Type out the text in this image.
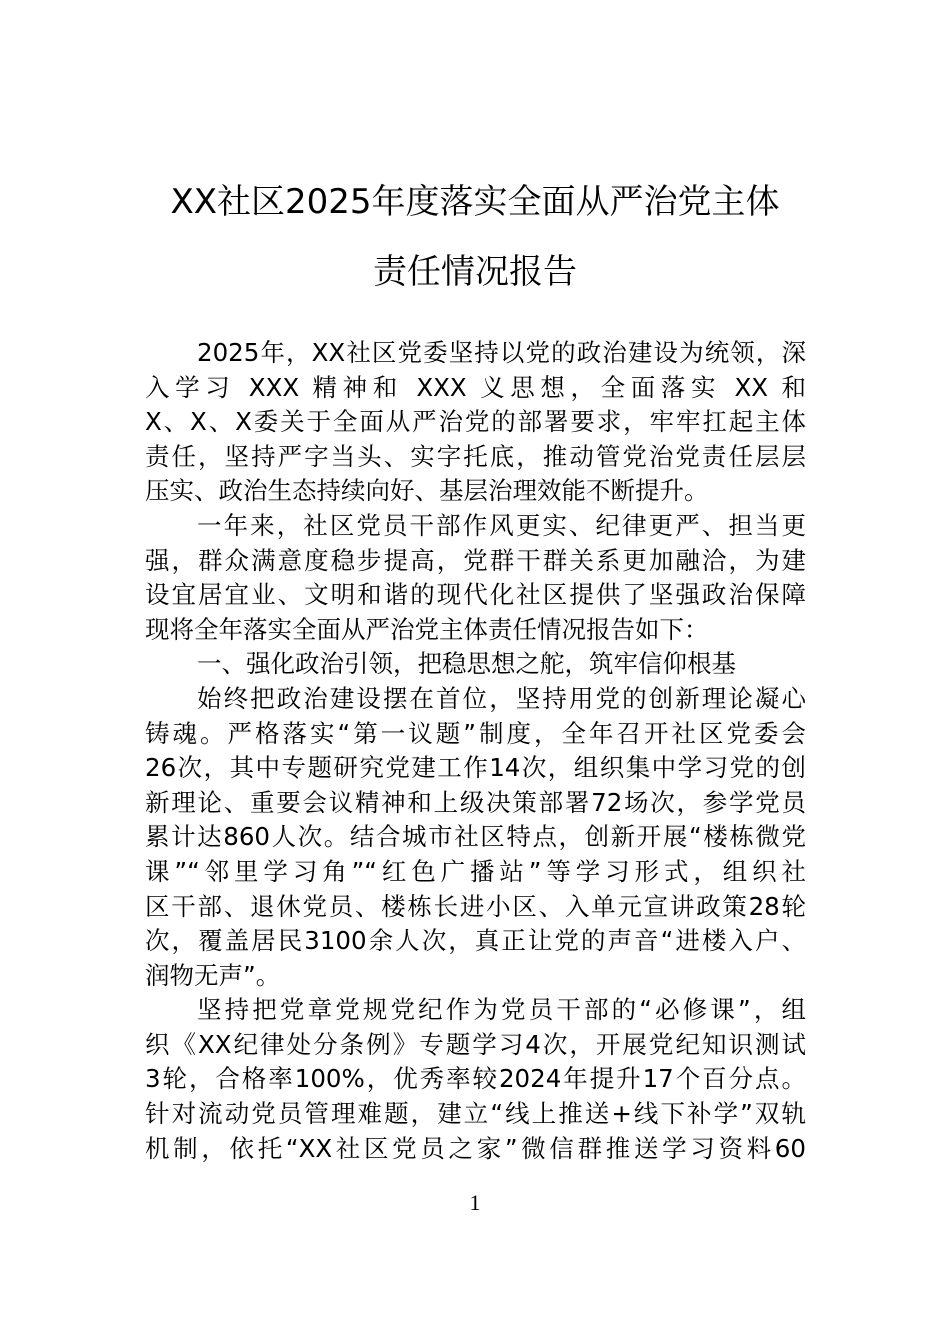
XX社区2025年度落实全面从严治党主体
责任情况报告
2025年，XX社区党委坚持以党的政治建设为统领，深
入学习 XXX 精神和 XXX 义思想，全面落实 XX 和
X、X、X委关于全面从严治党的部署要求，牢牢扛起主体
责任，坚持严字当头、实字托底，推动管党治党责任层层
压实、政治生态持续向好、基层治理效能不断提升。
一年来，社区党员干部作风更实、纪律更严、担当更
强，群众满意度稳步提高，党群干群关系更加融洽，为建
设宜居宜业、文明和谐的现代化社区提供了坚强政治保障
现将全年落实全面从严治党主体责任情况报告如下：
一、强化政治引领，把稳思想之舵，筑牢信仰根基
始终把政治建设摆在首位，坚持用党的创新理论凝心
铸魂。严格落实“第一议题”制度，全年召开社区党委会
26次，其中专题研究党建工作14次，组织集中学习党的创
新理论、重要会议精神和上级决策部署72场次，参学党员
累计达860人次。结合城市社区特点，创新开展“楼栋微党
课”“邻里学习角”“红色广播站”等学习形式，组织社
区干部、退休党员、楼栋长进小区、入单元宣讲政策28轮
次，覆盖居民3100余人次，真正让党的声音“进楼入户、
润物无声”。
坚持把党章党规党纪作为党员干部的“必修课”，组
织《XX纪律处分条例》专题学习4次，开展党纪知识测试
3轮，合格率100%，优秀率较2024年提升17个百分点。
针对流动党员管理难题，建立“线上推送+线下补学”双轨
机制，依托“XX社区党员之家”微信群推送学习资料60
1
